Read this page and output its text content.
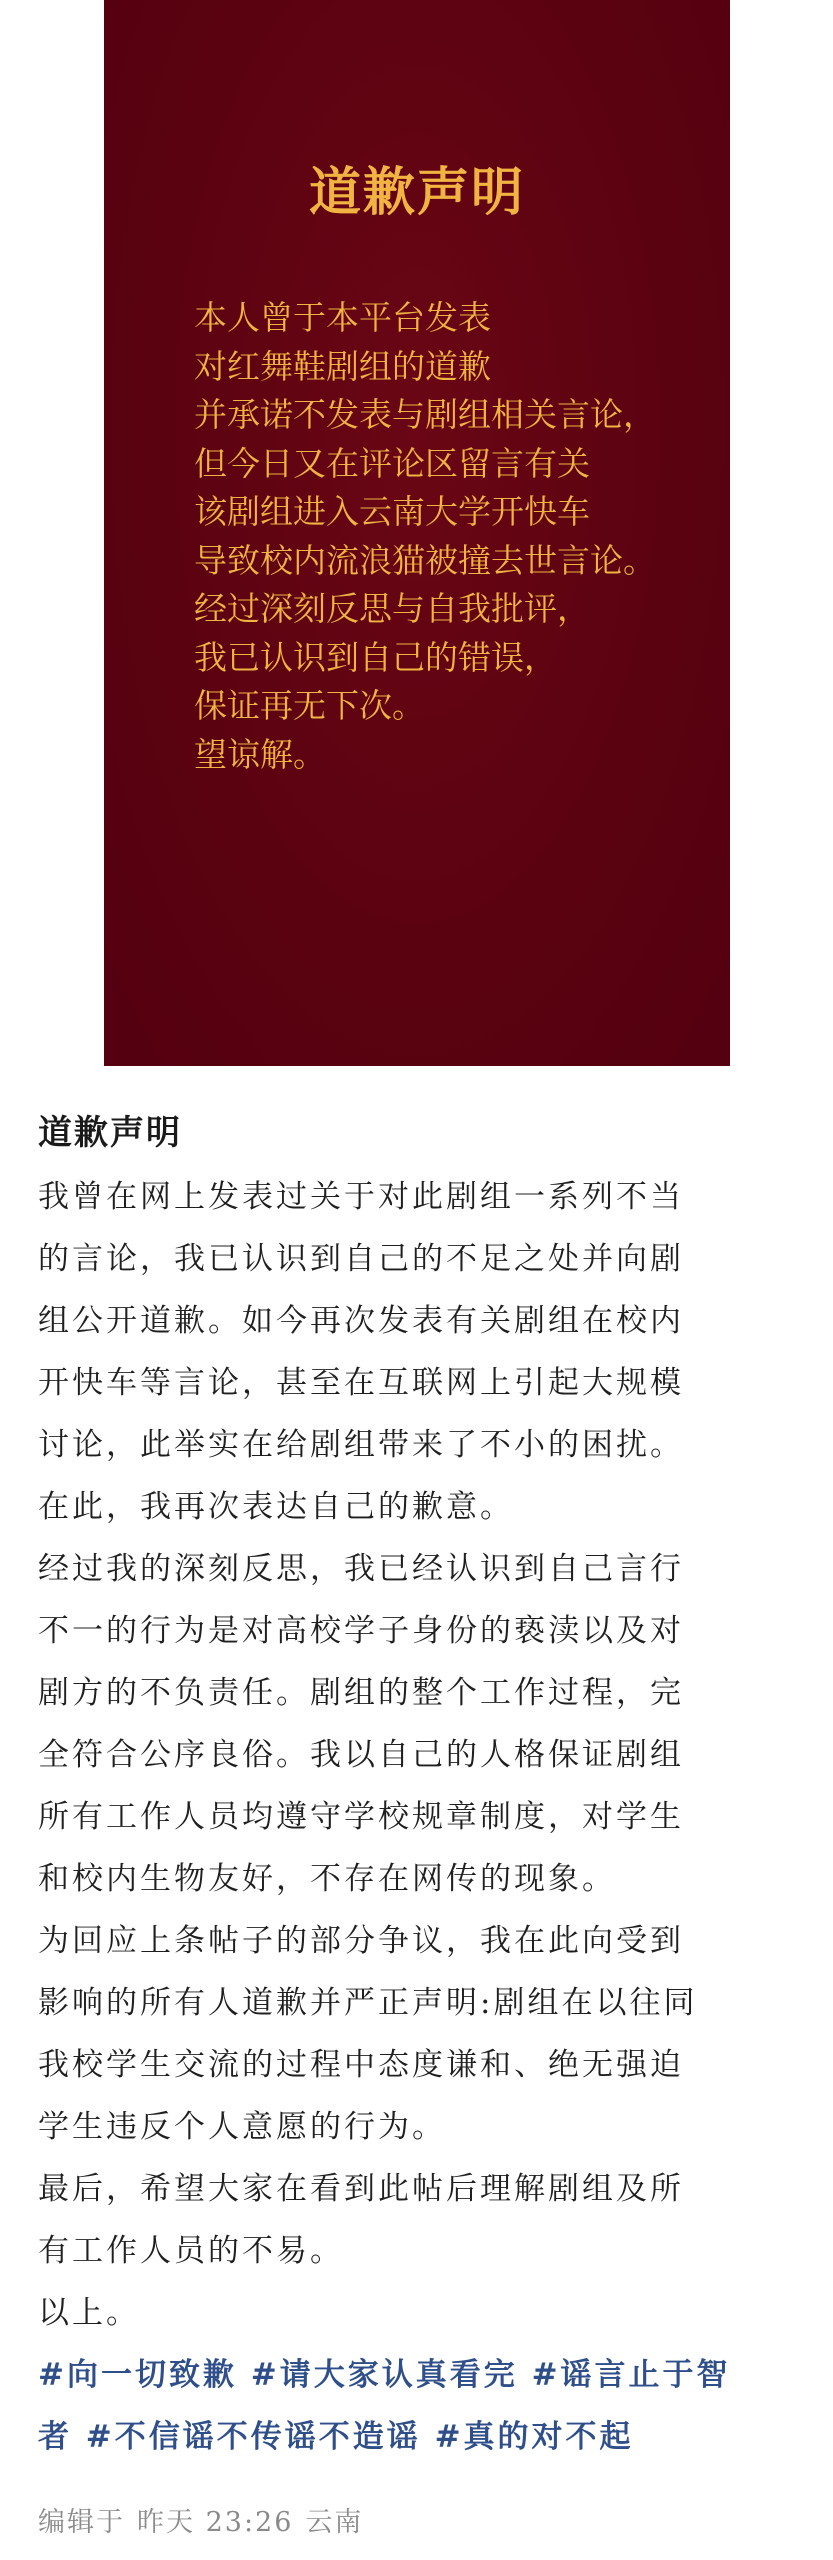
道歉声明
本人曾于本平台发表
对红舞鞋剧组的道歉
并承诺不发表与剧组相关言论，
但今日又在评论区留言有关
该剧组进入云南大学开快车
导致校内流浪猫被撞去世言论。
经过深刻反思与自我批评，
我已认识到自己的错误，
保证再无下次。
望谅解。
道歉声明
我曾在网上发表过关于对此剧组一系列不当
的言论，我已认识到自己的不足之处并向剧
组公开道歉。如今再次发表有关剧组在校内
开快车等言论，甚至在互联网上引起大规模
讨论，此举实在给剧组带来了不小的困扰。
在此，我再次表达自己的歉意。
经过我的深刻反思，我已经认识到自己言行
不一的行为是对高校学子身份的亵渎以及对
剧方的不负责任。剧组的整个工作过程，完
全符合公序良俗。我以自己的人格保证剧组
所有工作人员均遵守学校规章制度，对学生
和校内生物友好，不存在网传的现象。
为回应上条帖子的部分争议，我在此向受到
影响的所有人道歉并严正声明:剧组在以往同
我校学生交流的过程中态度谦和、绝无强迫
学生违反个人意愿的行为。
最后，希望大家在看到此帖后理解剧组及所
有工作人员的不易。
以上。
#向一切致歉 #请大家认真看完 #谣言止于智
者 #不信谣不传谣不造谣 #真的对不起
编辑于 昨天 23:26 云南
